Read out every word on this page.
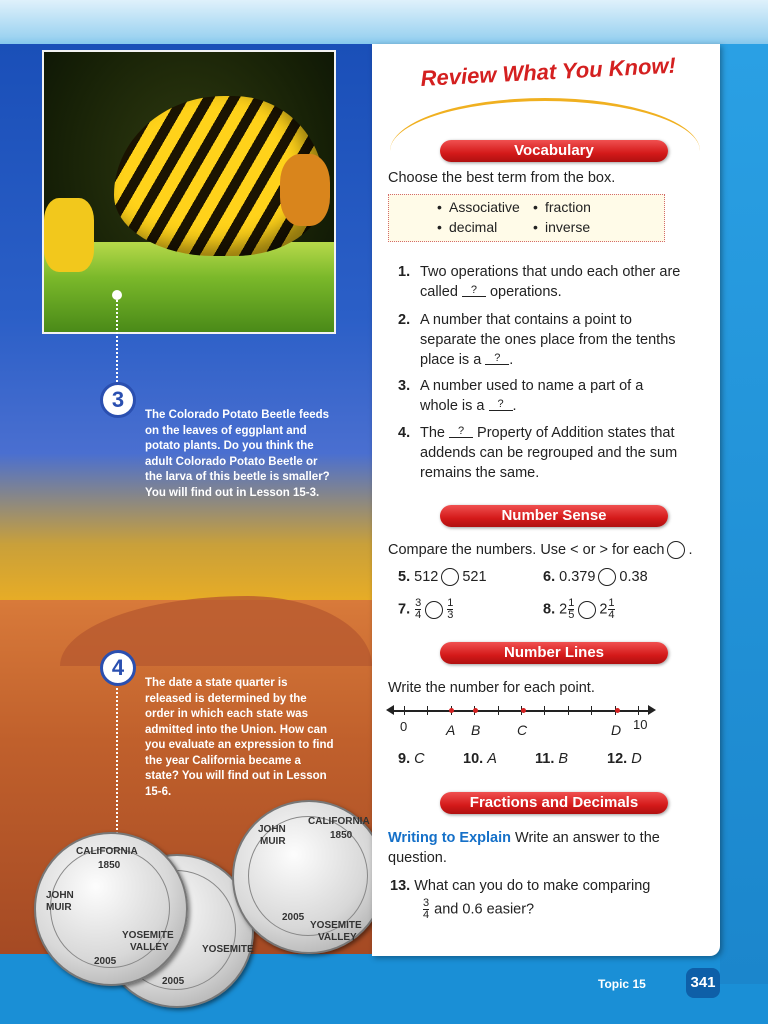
3
The Colorado Potato Beetle feeds on the leaves of eggplant and potato plants. Do you think the adult Colorado Potato Beetle or the larva of this beetle is smaller? You will find out in Lesson 15-3.
4
The date a state quarter is released is determined by the order in which each state was admitted into the Union. How can you evaluate an expression to find the year California became a state? You will find out in Lesson 15-6.
YOSEMITE
2005
CALIFORNIA
1850
JOHN
MUIR
YOSEMITE
VALLEY
2005
CALIFORNIA
1850
JOHN
MUIR
YOSEMITE
VALLEY
2005
Review What You Know!
Vocabulary
Choose the best term from the box.
• Associative • fraction
• decimal	• inverse
1. Two operations that undo each other are called ? operations.
2. A number that contains a point to separate the ones place from the tenths place is a ? .
3. A number used to name a part of a whole is a ? .
4. The ? Property of Addition states that addends can be regrouped and the sum remains the same.
Number Sense
Compare the numbers. Use < or > for each .
5. 512 521	6. 0.379 0.38
7. $\frac{3}{4} \frac{1}{3}$	8. $2 \frac{1}{5} 2 \frac{1}{4}$
Number Lines
Write the number for each point.
0	10
A B	C	D
9. C	10. A	11. B	12. D
Fractions and Decimals
Writing to Explain Write an answer to the question.
13. What can you do to make comparing
$\frac{3}{4}$ and 0.6 easier?
Topic 15	341
